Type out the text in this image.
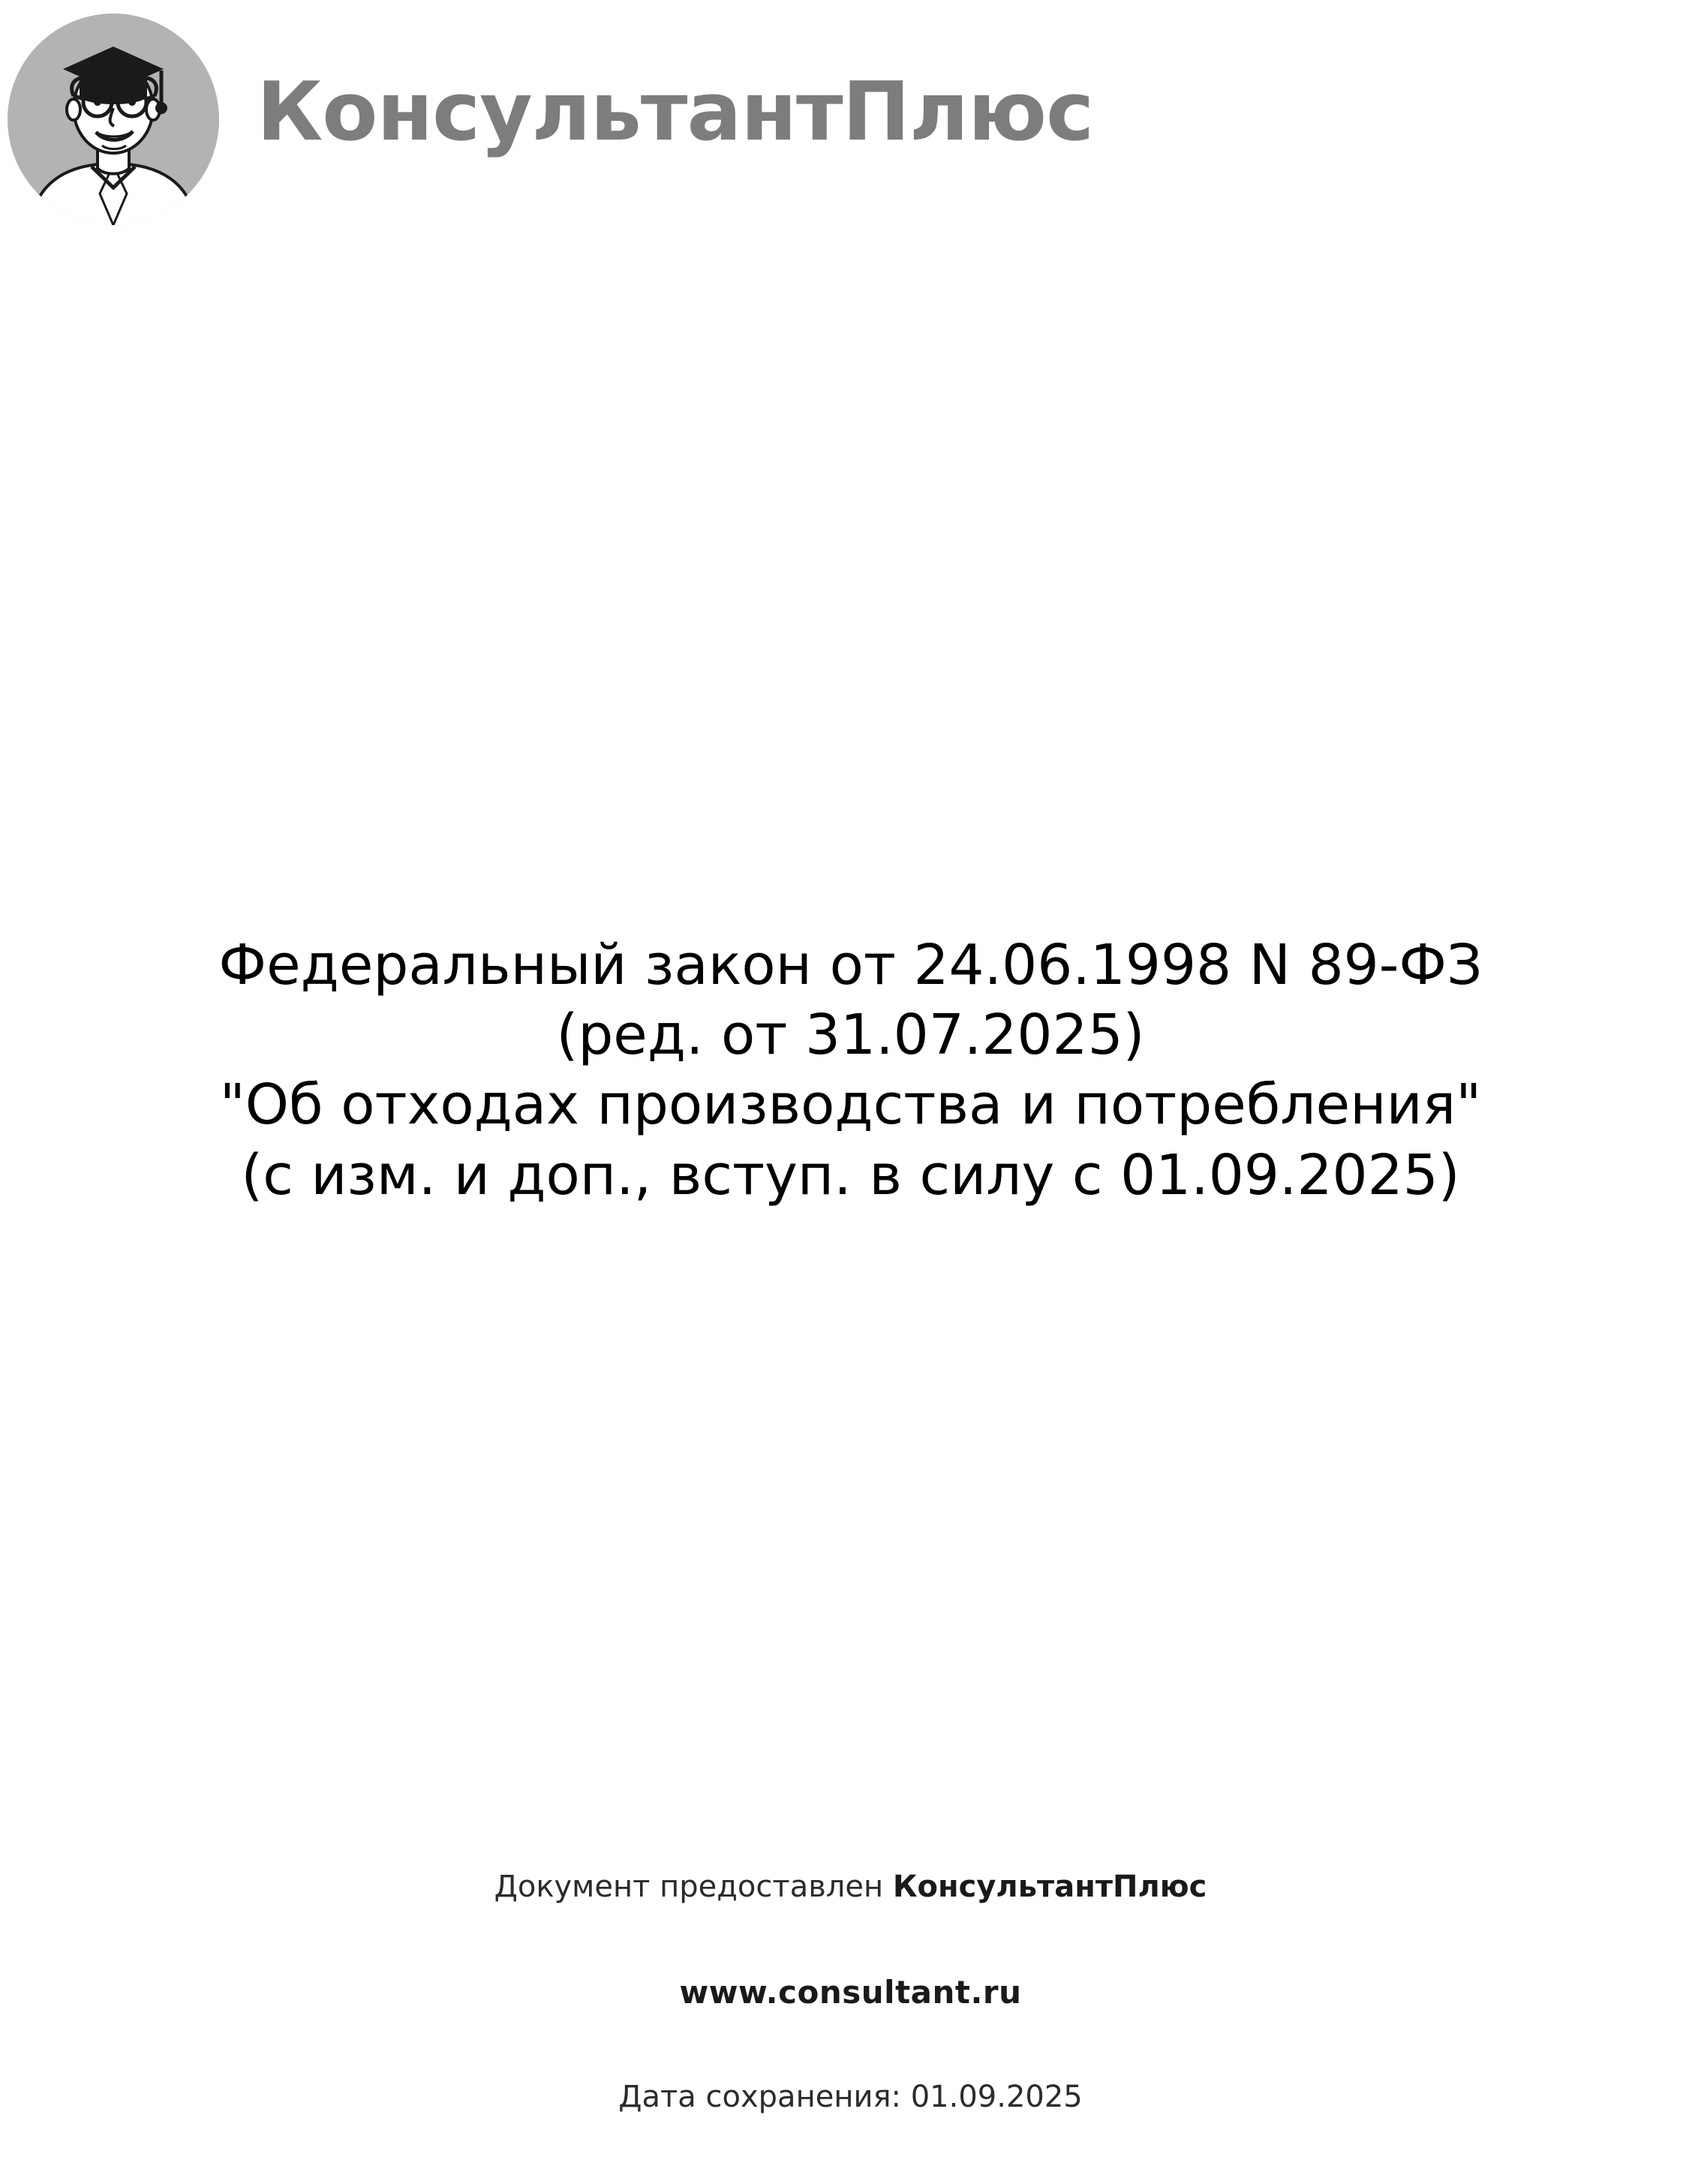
КонсультантПлюс
Федеральный закон от 24.06.1998 N 89-ФЗ
(ред. от 31.07.2025)
"Об отходах производства и потребления"
(с изм. и доп., вступ. в силу с 01.09.2025)
Документ предоставлен КонсультантПлюс
www.consultant.ru
Дата сохранения: 01.09.2025
